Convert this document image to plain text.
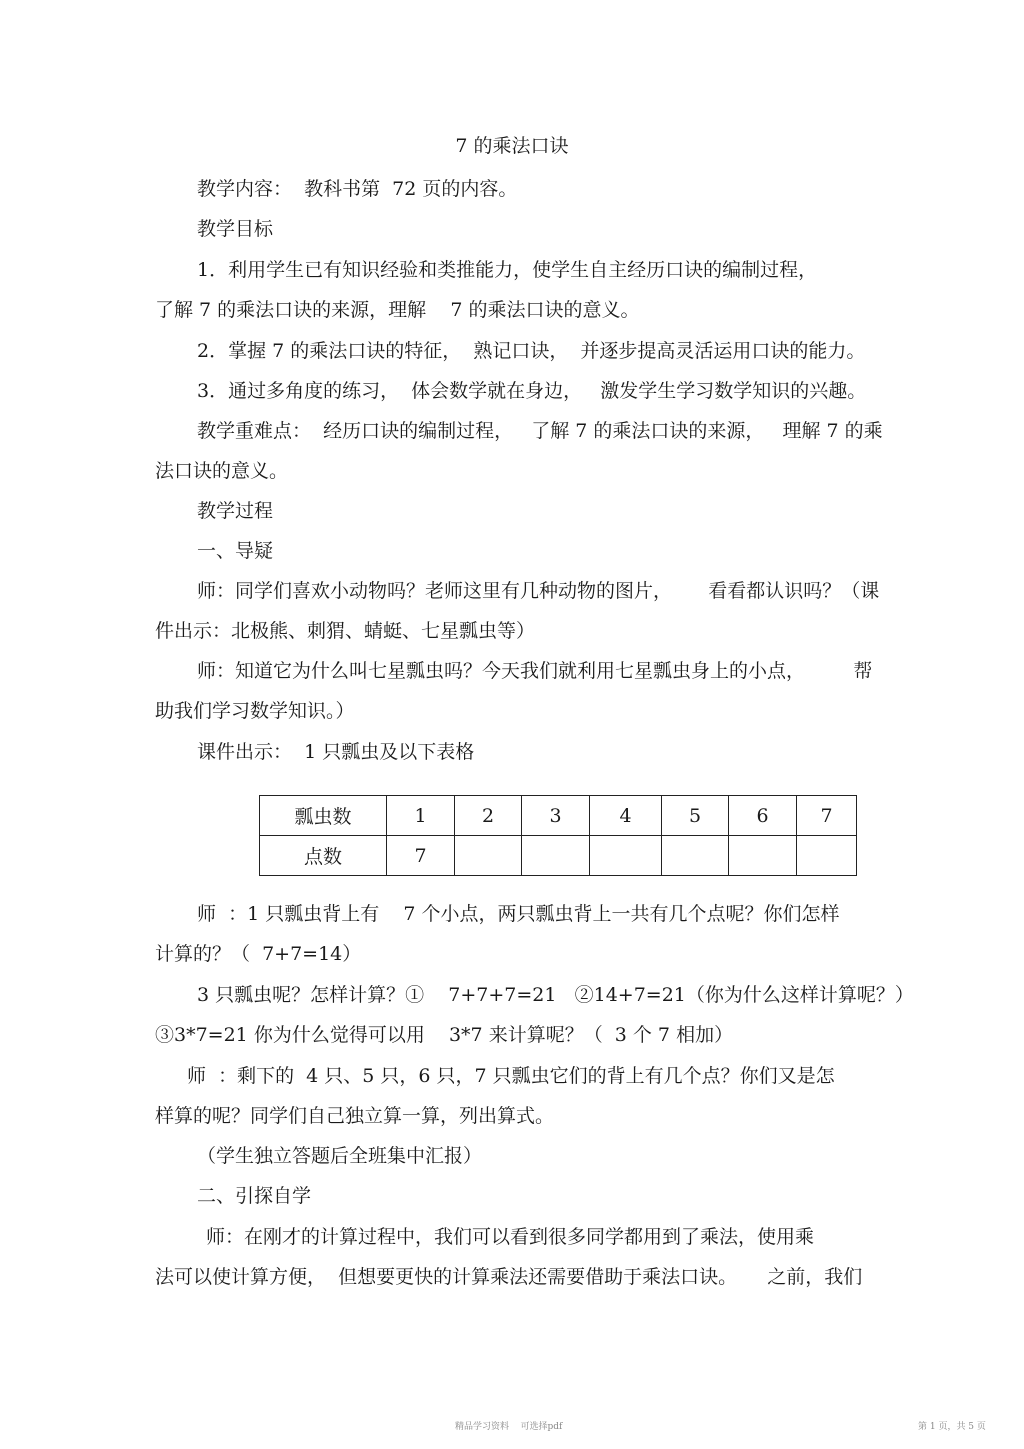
7 的乘法口诀
教学内容：  教科书第  72 页的内容。
教学目标
1．利用学生已有知识经验和类推能力，使学生自主经历口诀的编制过程，
了解 7 的乘法口诀的来源，理解    7 的乘法口诀的意义。
2．掌握 7 的乘法口诀的特征，  熟记口诀，  并逐步提高灵活运用口诀的能力。
3．通过多角度的练习，  体会数学就在身边，   激发学生学习数学知识的兴趣。
教学重难点：  经历口诀的编制过程，   了解 7 的乘法口诀的来源，   理解 7 的乘
法口诀的意义。
教学过程
一、导疑
师：同学们喜欢小动物吗？老师这里有几种动物的图片，      看看都认识吗？（课
件出示：北极熊、刺猬、蜻蜓、七星瓢虫等）
师：知道它为什么叫七星瓢虫吗？今天我们就利用七星瓢虫身上的小点，        帮
助我们学习数学知识。）
课件出示：  1 只瓢虫及以下表格
瓢虫数	1	2	3	4	5	6	7
点数	7						
师  ：1 只瓢虫背上有    7 个小点，两只瓢虫背上一共有几个点呢？你们怎样
计算的？（  7+7=14）
3 只瓢虫呢？怎样计算？①    7+7+7=21   ②14+7=21（你为什么这样计算呢？）
③3*7=21 你为什么觉得可以用    3*7 来计算呢？（  3 个 7 相加）
师  ：剩下的  4 只、5 只，6 只，7 只瓢虫它们的背上有几个点？你们又是怎
样算的呢？同学们自己独立算一算，列出算式。
（学生独立答题后全班集中汇报）
二、引探自学
师：在刚才的计算过程中，我们可以看到很多同学都用到了乘法，使用乘
法可以使计算方便，  但想要更快的计算乘法还需要借助于乘法口诀。     之前，我们
精品学习资料    可选择pdf	第 1 页，共 5 页
